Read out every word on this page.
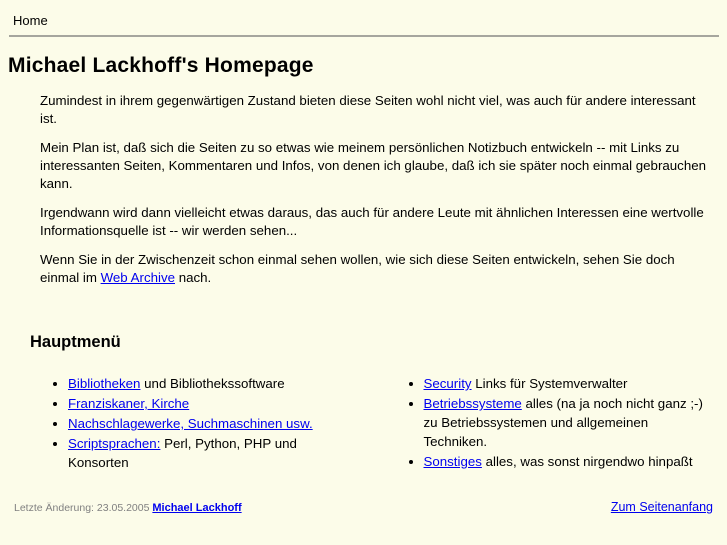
Home
Michael Lackhoff's Homepage

Zumindest in ihrem gegenwärtigen Zustand bieten diese Seiten wohl nicht viel, was auch für andere interessant ist.

Mein Plan ist, daß sich die Seiten zu so etwas wie meinem persönlichen Notizbuch entwickeln -- mit Links zu interessanten Seiten, Kommentaren und Infos, von denen ich glaube, daß ich sie später noch einmal gebrauchen kann.

Irgendwann wird dann vielleicht etwas daraus, das auch für andere Leute mit ähnlichen Interessen eine wertvolle Informationsquelle ist -- wir werden sehen...

Wenn Sie in der Zwischenzeit schon einmal sehen wollen, wie sich diese Seiten entwickeln, sehen Sie doch einmal im Web Archive nach.

Hauptmenü
• Bibliotheken und Bibliothekssoftware
• Franziskaner, Kirche
• Nachschlagewerke, Suchmaschinen usw.
• Scriptsprachen: Perl, Python, PHP und Konsorten
• Security Links für Systemverwalter
• Betriebssysteme alles (na ja noch nicht ganz ;-) zu Betriebssystemen und allgemeinen Techniken.
• Sonstiges alles, was sonst nirgendwo hinpaßt
Letzte Änderung: 23.05.2005 Michael Lackhoff	Zum Seitenanfang
